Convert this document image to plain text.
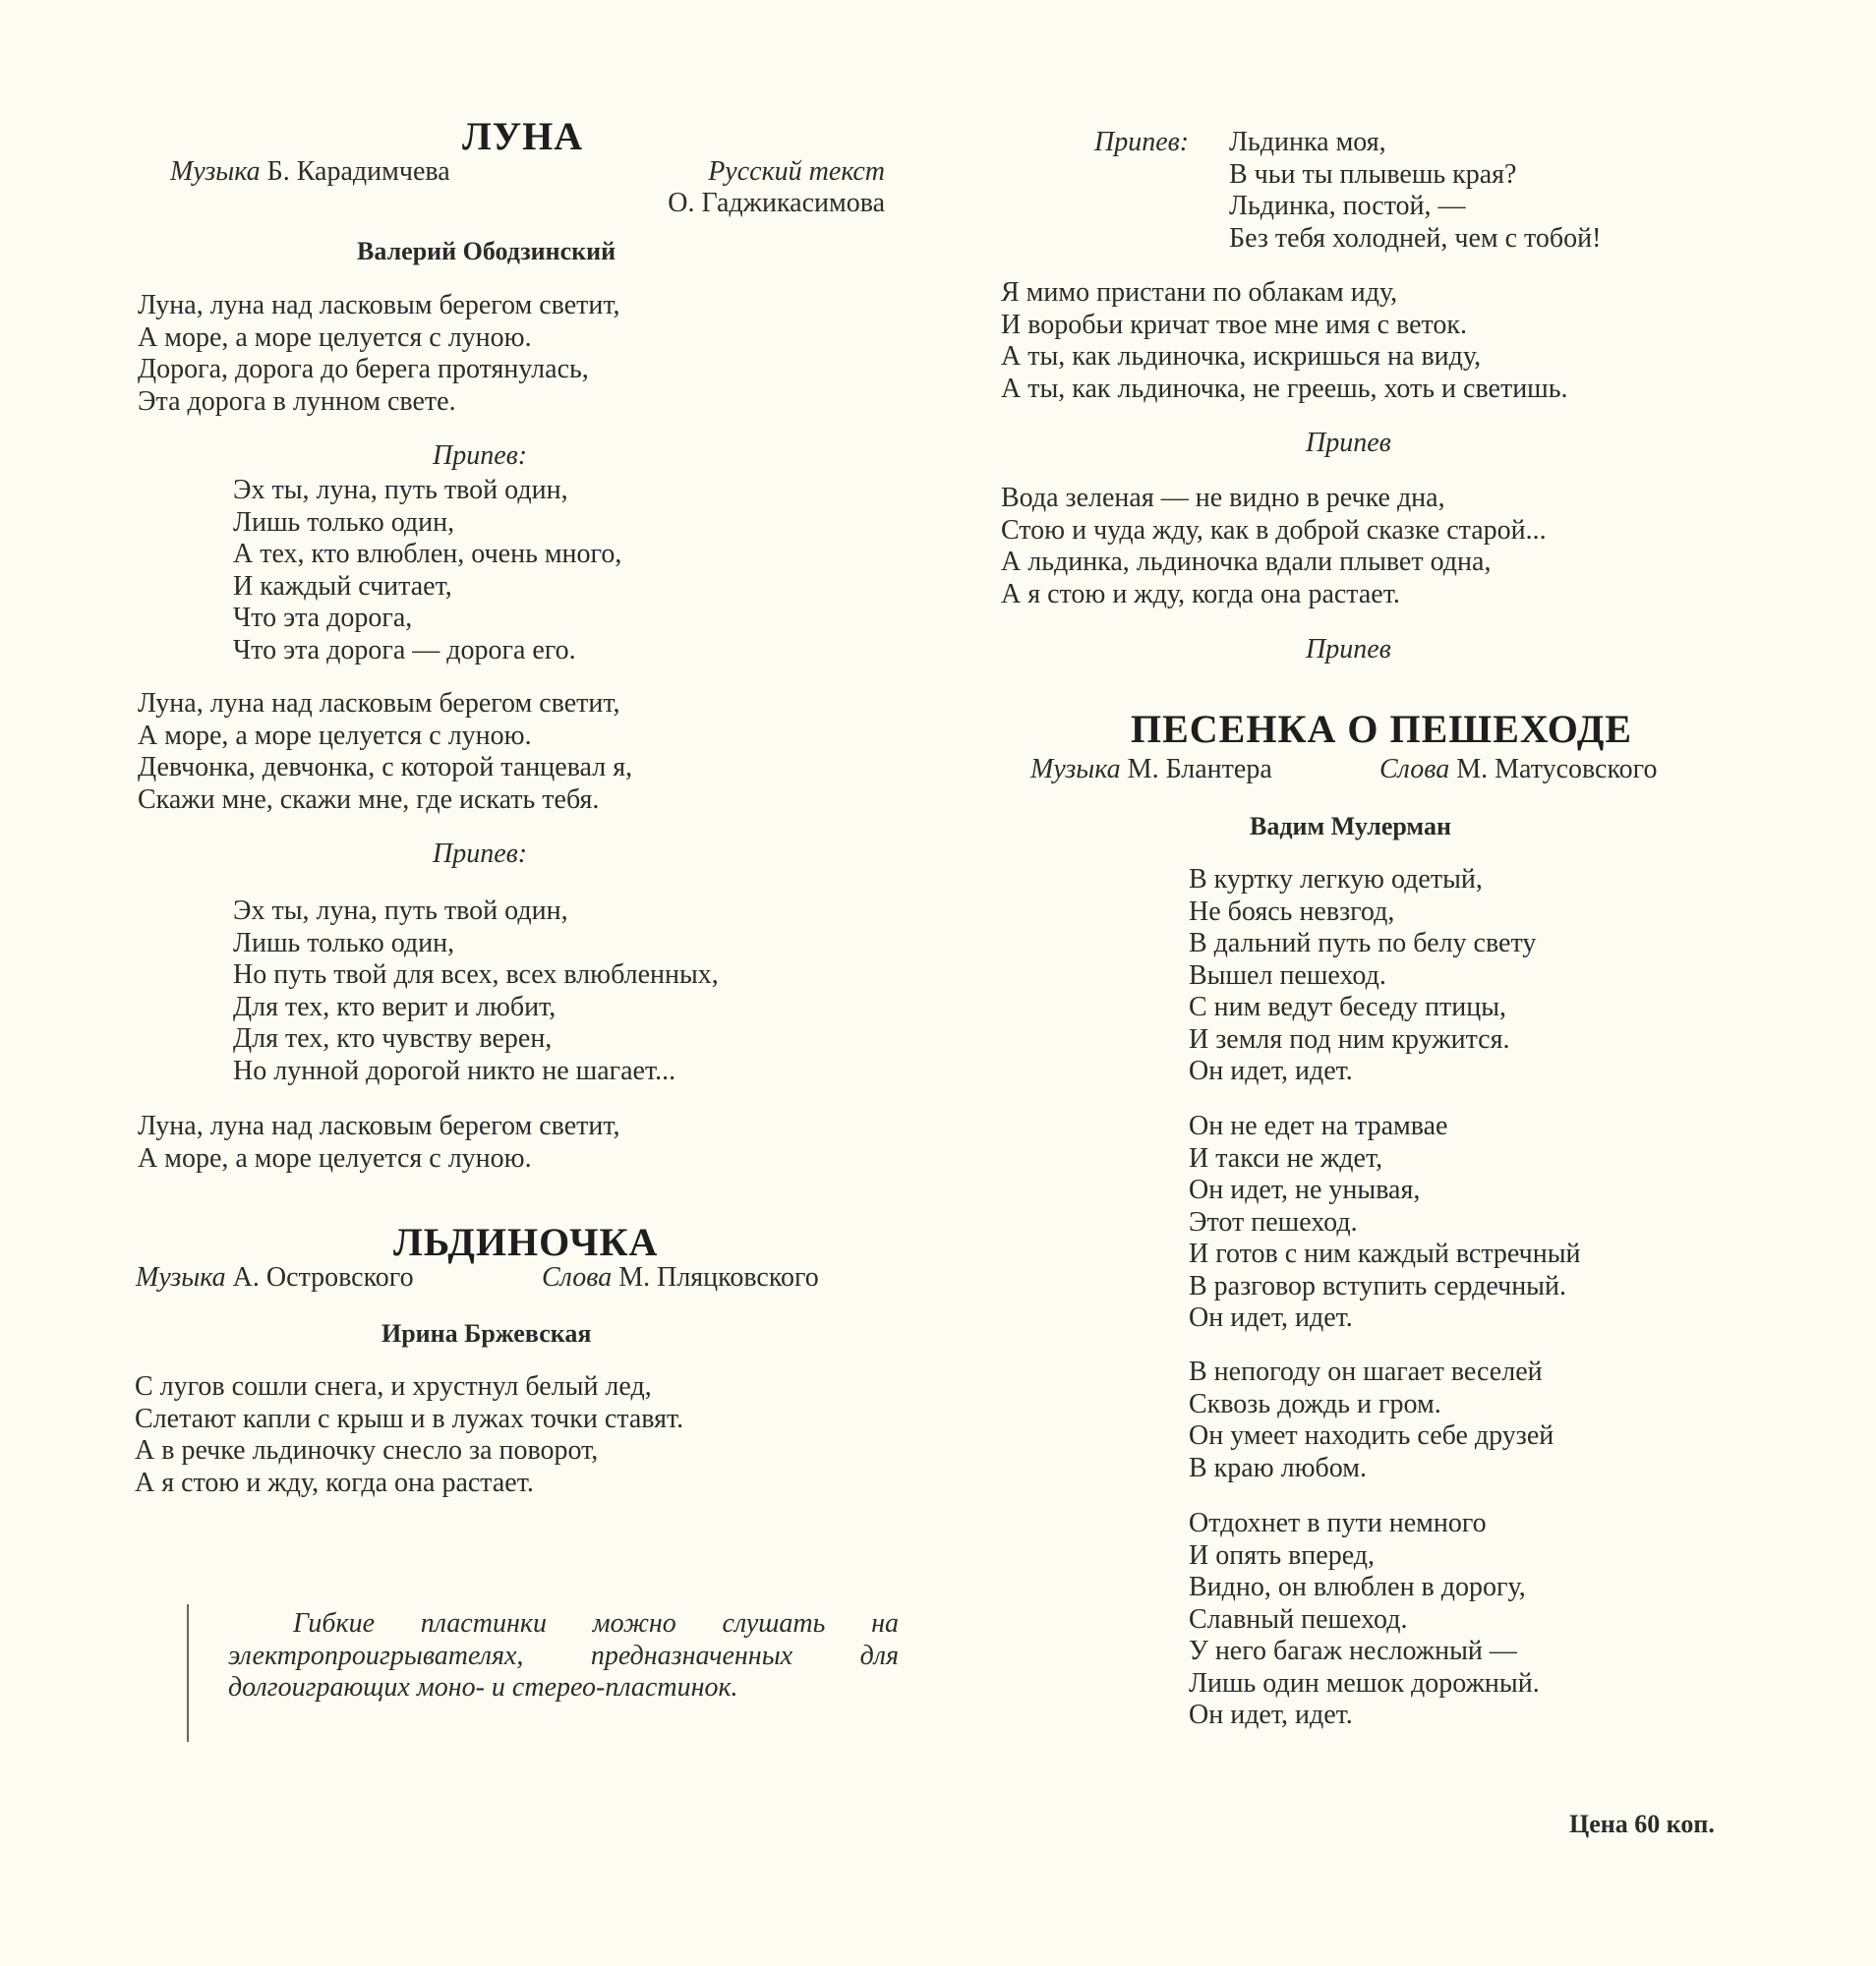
ЛУНА
Музыка Б. Карадимчева	Русский текст
О. Гаджикасимова
Валерий Ободзинский
Луна, луна над ласковым берегом светит,
А море, а море целуется с луною.
Дорога, дорога до берега протянулась,
Эта дорога в лунном свете.
Припев:
Эх ты, луна, путь твой один,
Лишь только один,
А тех, кто влюблен, очень много,
И каждый считает,
Что эта дорога,
Что эта дорога — дорога его.
Луна, луна над ласковым берегом светит,
А море, а море целуется с луною.
Девчонка, девчонка, с которой танцевал я,
Скажи мне, скажи мне, где искать тебя.
Припев:
Эх ты, луна, путь твой один,
Лишь только один,
Но путь твой для всех, всех влюбленных,
Для тех, кто верит и любит,
Для тех, кто чувству верен,
Но лунной дорогой никто не шагает...
Луна, луна над ласковым берегом светит,
А море, а море целуется с луною.
ЛЬДИНОЧКА
Музыка А. Островского	Слова М. Пляцковского
Ирина Бржевская
С лугов сошли снега, и хрустнул белый лед,
Слетают капли с крыш и в лужах точки ставят.
А в речке льдиночку снесло за поворот,
А я стою и жду, когда она растает.
Гибкие пластинки можно слушать на электропроигрывателях, предназначенных для долгоиграющих моно- и стерео-пластинок.
Припев: Льдинка моя,
В чьи ты плывешь края?
Льдинка, постой, —
Без тебя холодней, чем с тобой!
Я мимо пристани по облакам иду,
И воробьи кричат твое мне имя с веток.
А ты, как льдиночка, искришься на виду,
А ты, как льдиночка, не греешь, хоть и светишь.
Припев
Вода зеленая — не видно в речке дна,
Стою и чуда жду, как в доброй сказке старой...
А льдинка, льдиночка вдали плывет одна,
А я стою и жду, когда она растает.
Припев
ПЕСЕНКА О ПЕШЕХОДЕ
Музыка М. Блантера	Слова М. Матусовского
Вадим Мулерман
В куртку легкую одетый,
Не боясь невзгод,
В дальний путь по белу свету
Вышел пешеход.
С ним ведут беседу птицы,
И земля под ним кружится.
Он идет, идет.
Он не едет на трамвае
И такси не ждет,
Он идет, не унывая,
Этот пешеход.
И готов с ним каждый встречный
В разговор вступить сердечный.
Он идет, идет.
В непогоду он шагает веселей
Сквозь дождь и гром.
Он умеет находить себе друзей
В краю любом.
Отдохнет в пути немного
И опять вперед,
Видно, он влюблен в дорогу,
Славный пешеход.
У него багаж несложный —
Лишь один мешок дорожный.
Он идет, идет.
Цена 60 коп.
